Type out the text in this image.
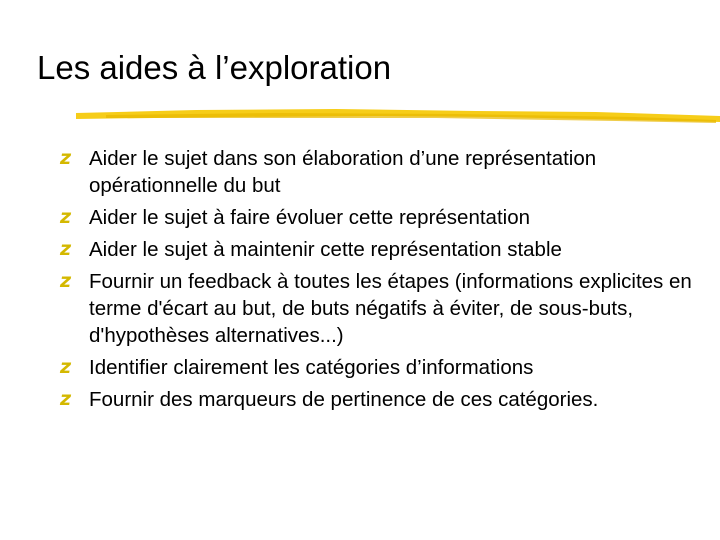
Les aides à l’exploration
z Aider le sujet dans son élaboration d’une représentation opérationnelle du but
z Aider le sujet à faire évoluer cette représentation
z Aider le sujet à maintenir cette représentation stable
z Fournir un feedback à toutes les étapes (informations explicites en terme d'écart au but, de buts négatifs à éviter, de sous-buts, d'hypothèses alternatives...)
z Identifier clairement les catégories d’informations
z Fournir des marqueurs de pertinence de ces catégories.
